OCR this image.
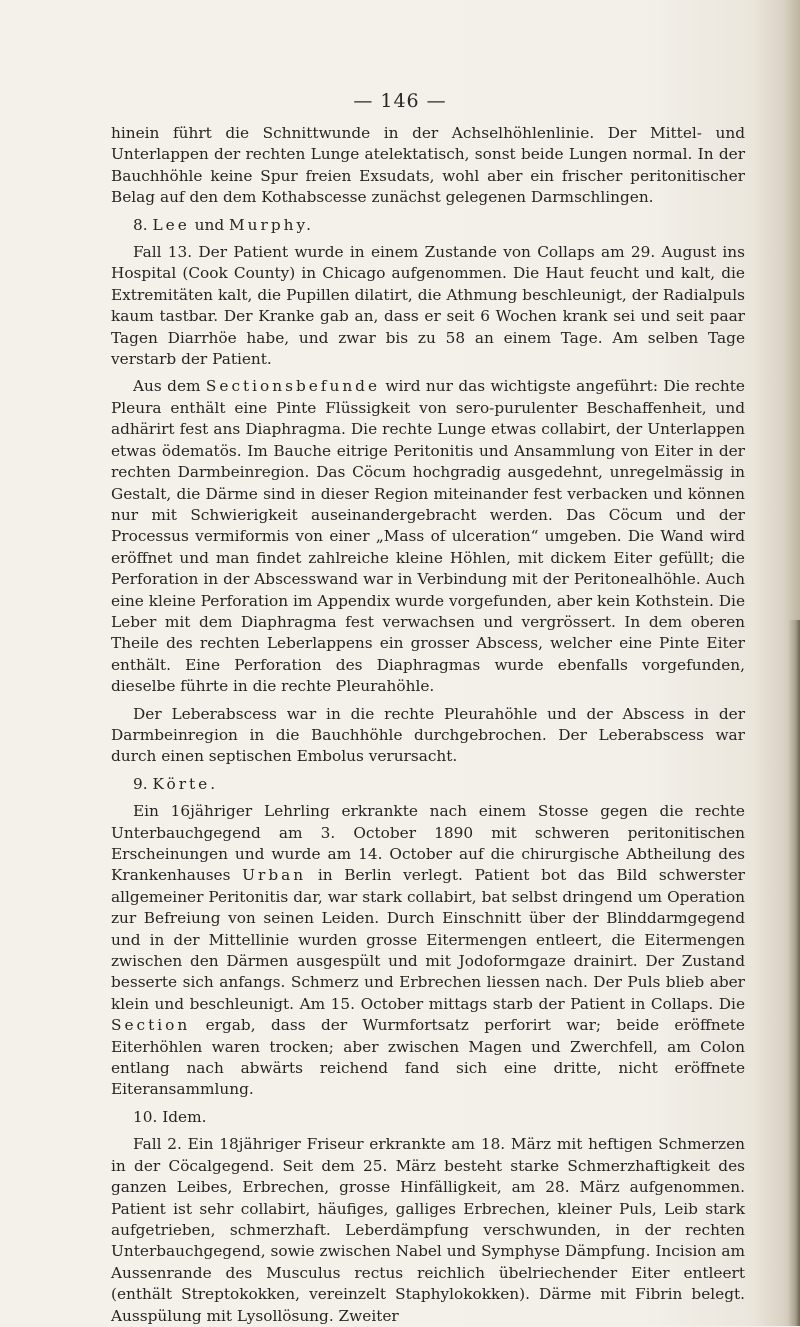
— 146 —

hinein führt die Schnittwunde in der Achselhöhlenlinie. Der Mittel- und Unterlappen der rechten Lunge atelektatisch, sonst beide Lungen normal. In der Bauchhöhle keine Spur freien Exsudats, wohl aber ein frischer peritonitischer Belag auf den dem Kothabscesse zunächst gelegenen Darmschlingen.

8. Lee und Murphy.

Fall 13. Der Patient wurde in einem Zustande von Collaps am 29. August ins Hospital (Cook County) in Chicago aufgenommen. Die Haut feucht und kalt, die Extremitäten kalt, die Pupillen dilatirt, die Athmung beschleunigt, der Radialpuls kaum tastbar. Der Kranke gab an, dass er seit 6 Wochen krank sei und seit paar Tagen Diarrhöe habe, und zwar bis zu 58 an einem Tage. Am selben Tage verstarb der Patient.

Aus dem Sectionsbefunde wird nur das wichtigste angeführt: Die rechte Pleura enthält eine Pinte Flüssigkeit von sero-purulenter Beschaffenheit, und adhärirt fest ans Diaphragma. Die rechte Lunge etwas collabirt, der Unterlappen etwas ödematös. Im Bauche eitrige Peritonitis und Ansammlung von Eiter in der rechten Darmbeinregion. Das Cöcum hochgradig ausgedehnt, unregelmässig in Gestalt, die Därme sind in dieser Region miteinander fest verbacken und können nur mit Schwierigkeit auseinandergebracht werden. Das Cöcum und der Processus vermiformis von einer „Mass of ulceration“ umgeben. Die Wand wird eröffnet und man findet zahlreiche kleine Höhlen, mit dickem Eiter gefüllt; die Perforation in der Abscesswand war in Verbindung mit der Peritonealhöhle. Auch eine kleine Perforation im Appendix wurde vorgefunden, aber kein Kothstein. Die Leber mit dem Diaphragma fest verwachsen und vergrössert. In dem oberen Theile des rechten Leberlappens ein grosser Abscess, welcher eine Pinte Eiter enthält. Eine Perforation des Diaphragmas wurde ebenfalls vorgefunden, dieselbe führte in die rechte Pleurahöhle.

Der Leberabscess war in die rechte Pleurahöhle und der Abscess in der Darmbeinregion in die Bauchhöhle durchgebrochen. Der Leberabscess war durch einen septischen Embolus verursacht.

9. Körte.

Ein 16jähriger Lehrling erkrankte nach einem Stosse gegen die rechte Unterbauchgegend am 3. October 1890 mit schweren peritonitischen Erscheinungen und wurde am 14. October auf die chirurgische Abtheilung des Krankenhauses Urban in Berlin verlegt. Patient bot das Bild schwerster allgemeiner Peritonitis dar, war stark collabirt, bat selbst dringend um Operation zur Befreiung von seinen Leiden. Durch Einschnitt über der Blinddarmgegend und in der Mittellinie wurden grosse Eitermengen entleert, die Eitermengen zwischen den Därmen ausgespült und mit Jodoformgaze drainirt. Der Zustand besserte sich anfangs. Schmerz und Erbrechen liessen nach. Der Puls blieb aber klein und beschleunigt. Am 15. October mittags starb der Patient in Collaps. Die Section ergab, dass der Wurmfortsatz perforirt war; beide eröffnete Eiterhöhlen waren trocken; aber zwischen Magen und Zwerchfell, am Colon entlang nach abwärts reichend fand sich eine dritte, nicht eröffnete Eiteransammlung.

10. Idem.

Fall 2. Ein 18jähriger Friseur erkrankte am 18. März mit heftigen Schmerzen in der Cöcalgegend. Seit dem 25. März besteht starke Schmerzhaftigkeit des ganzen Leibes, Erbrechen, grosse Hinfälligkeit, am 28. März aufgenommen. Patient ist sehr collabirt, häufiges, galliges Erbrechen, kleiner Puls, Leib stark aufgetrieben, schmerzhaft. Leberdämpfung verschwunden, in der rechten Unterbauchgegend, sowie zwischen Nabel und Symphyse Dämpfung. Incision am Aussenrande des Musculus rectus reichlich übelriechender Eiter entleert (enthält Streptokokken, vereinzelt Staphylokokken). Därme mit Fibrin belegt. Ausspülung mit Lysollösung. Zweiter
